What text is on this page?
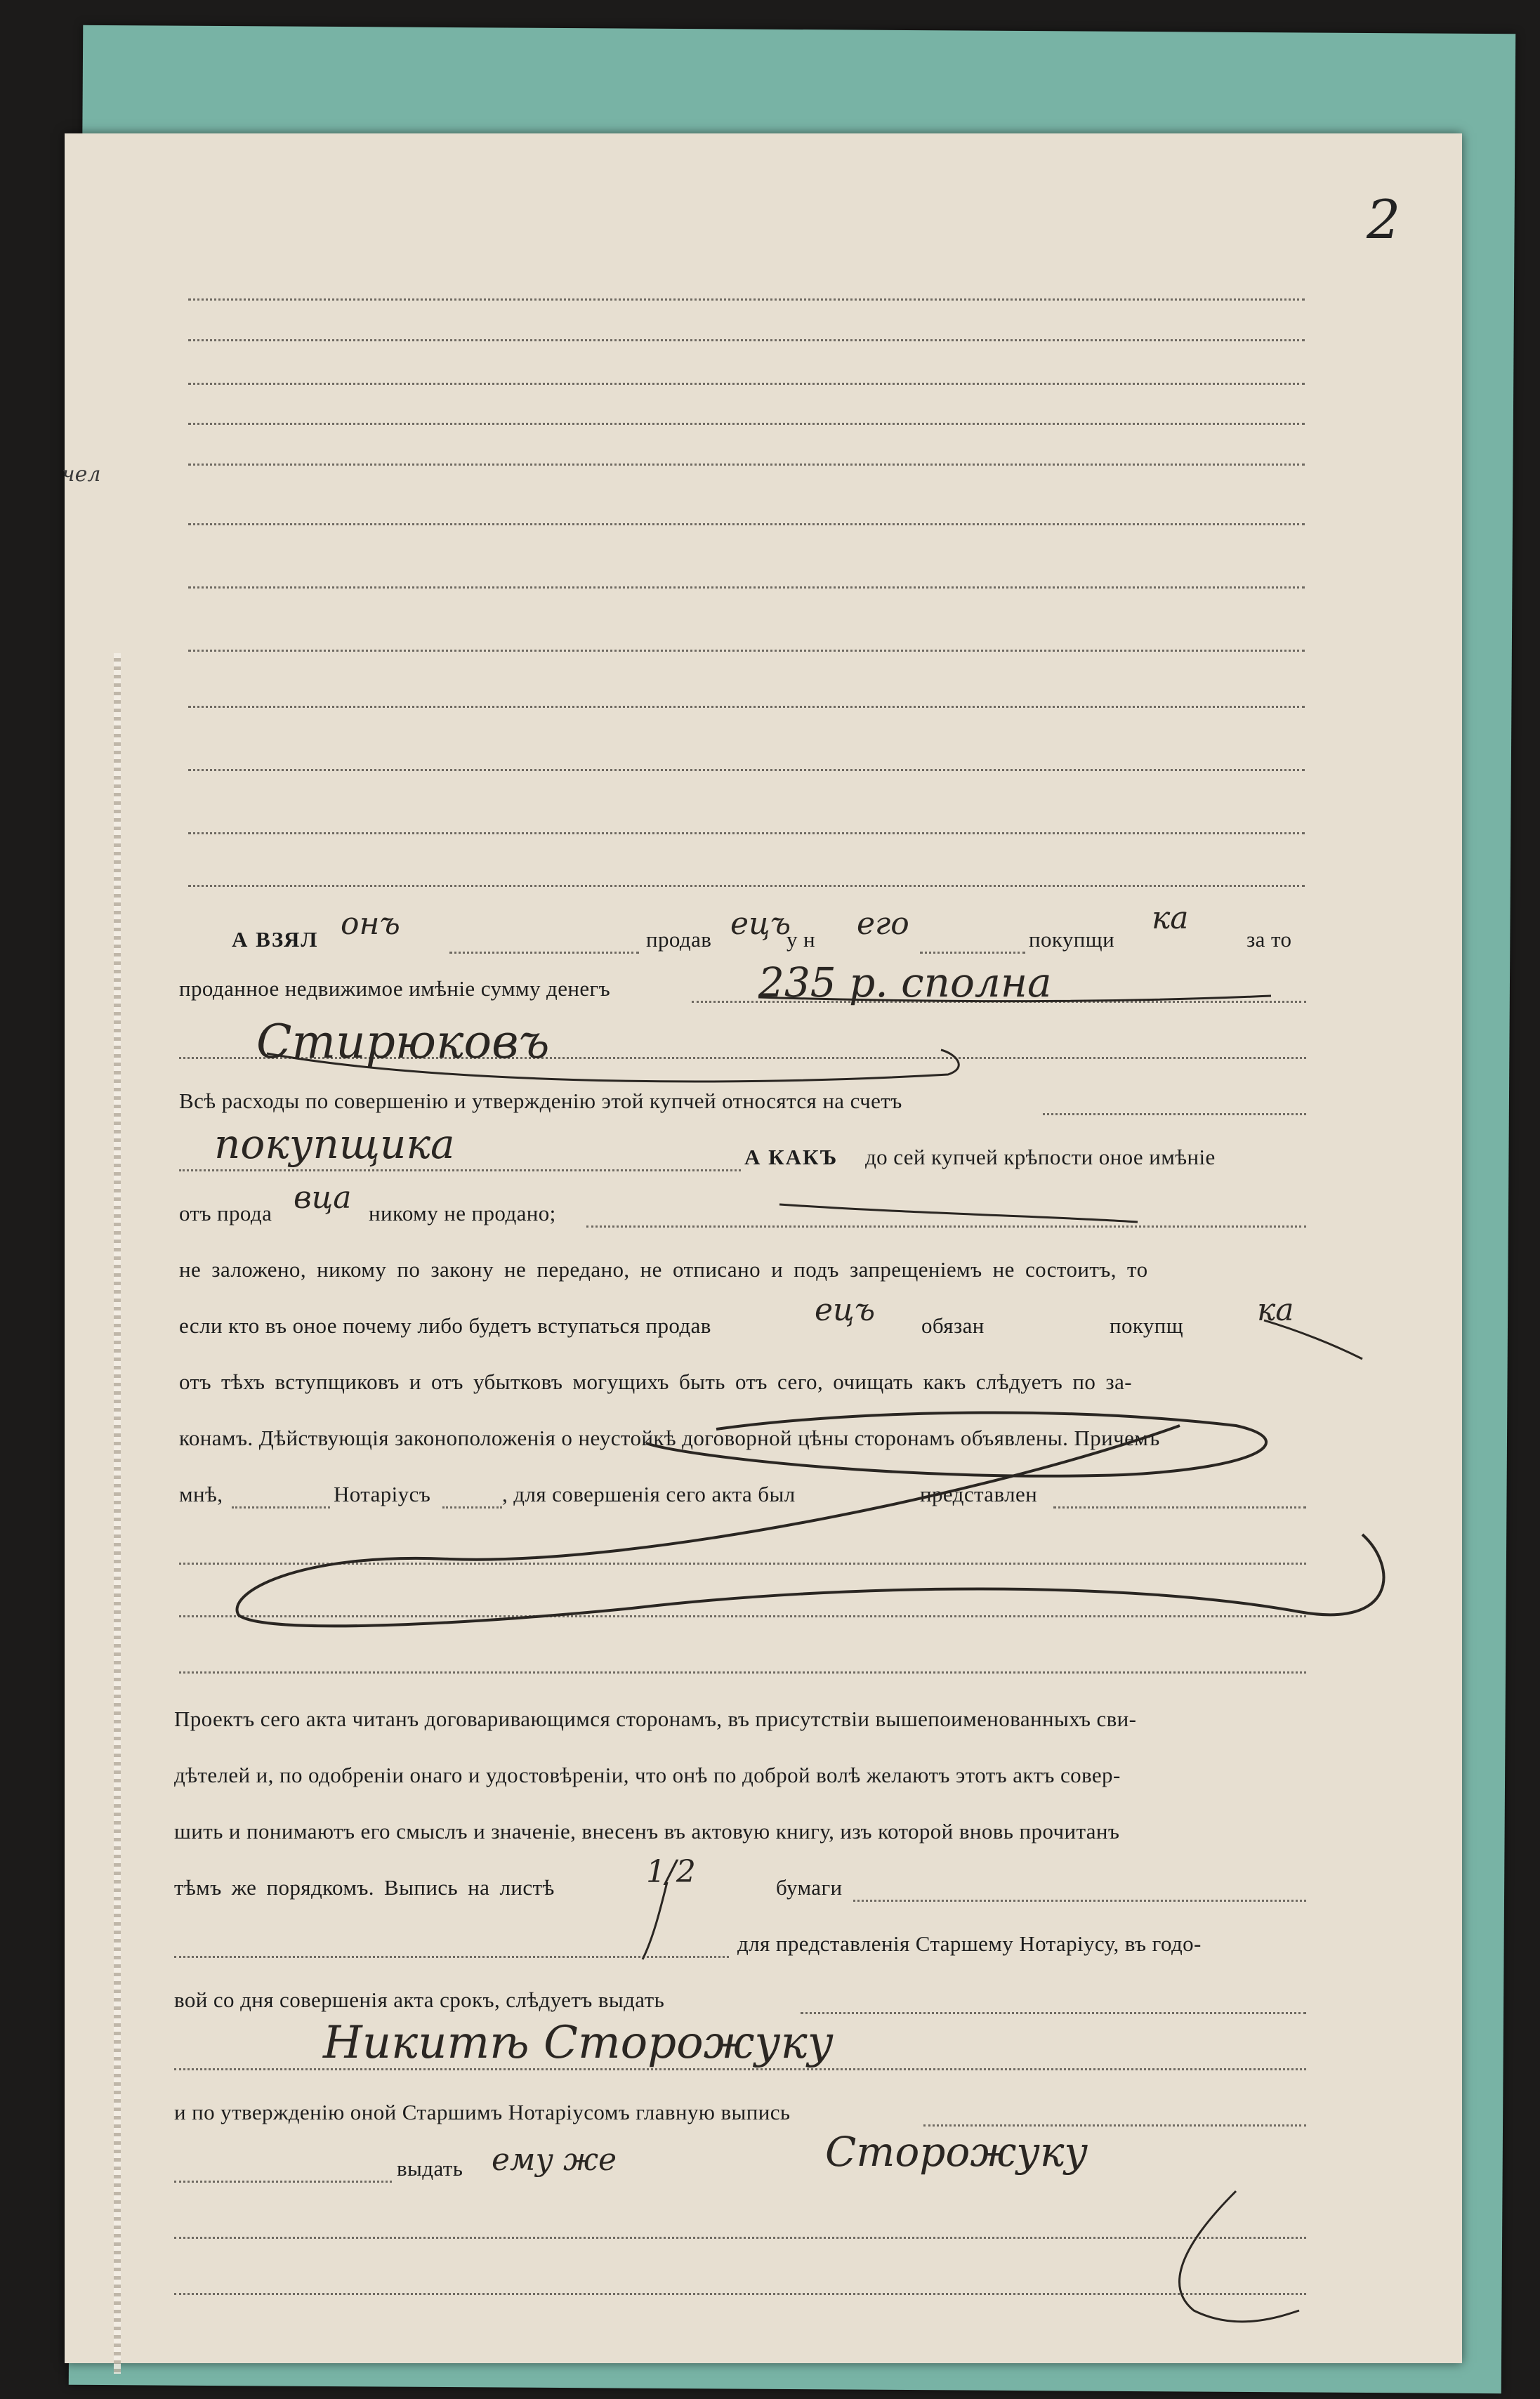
чел
2
А ВЗЯЛ онъ	продав ецъ
у н его	покупщи
ка
за то
проданное недвижимое имѣніе сумму денегъ	235 р. сполна
Стирюковъ
Всѣ расходы по совершенію и утвержденію этой купчей относятся на счетъ
покупщика	А КАКЪ до сей купчей крѣпости оное имѣніе
отъ прода вца никому не продано;
не заложено, никому по закону не передано, не отписано и подъ запрещеніемъ не состоитъ, то
если кто въ оное почему либо будетъ вступаться продав	ецъ обязан	покупщ ка
отъ тѣхъ вступщиковъ и отъ убытковъ могущихъ быть отъ сего, очищать какъ слѣдуетъ по за-
конамъ. Дѣйствующія законоположенія о неустойкѣ договорной цѣны сторонамъ объявлены. Причемъ
мнѣ,	Нотаріусъ	, для совершенія сего акта был	представлен
Проектъ сего акта читанъ договаривающимся сторонамъ, въ присутствіи вышепоименованныхъ сви-
дѣтелей и, по одобреніи онаго и удостовѣреніи, что онѣ по доброй волѣ желаютъ этотъ актъ совер-
шить и понимаютъ его смыслъ и значеніе, внесенъ въ актовую книгу, изъ которой вновь прочитанъ
тѣмъ же порядкомъ. Выпись на листѣ	1/2	бумаги
для представленія Старшему Нотаріусу, въ годо-
вой со дня совершенія акта срокъ, слѣдуетъ выдать
Никитѣ Сторожуку
и по утвержденію оной Старшимъ Нотаріусомъ главную выпись
выдать ему же	Сторожуку
